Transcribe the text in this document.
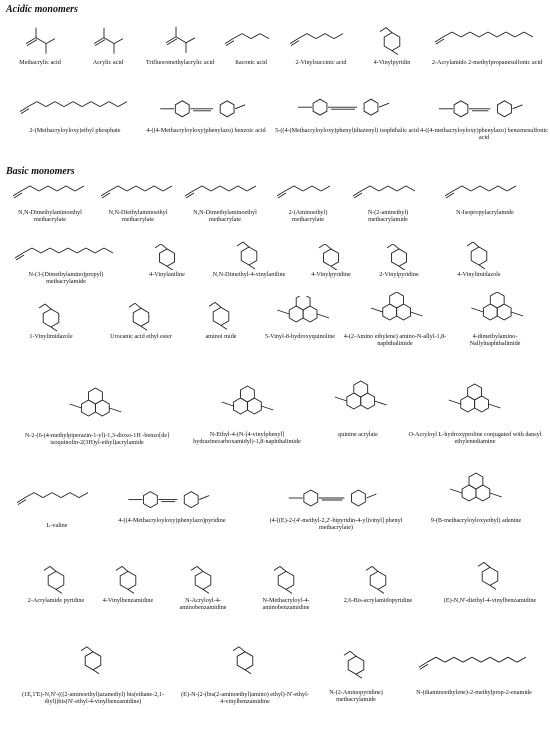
Acidic monomers
Basic monomers
Methacrylic acid	Acrylic acid	Trifluoromethylacrylic acid	Itaconic acid	2-Vinylsuccinic acid	4-Vinylpyridin	2-Acrylamido 2-methylpropanesulfonic acid
2-(Methacryloyloxy)ethyl phosphate	4-((4-Methacryloyloxy)phenylazo) benzoic acid	5-((4-(Methacryloyloxy)phenyl)diazenyl) isophthalic acid 4-((4-methacryloyloxy)phenylazo) benzenesulfonic acid
N,N-Dimethylaminoethyl methacrylate
N,N-Diethylaminoethyl methacrylate
N,N-Dimethylaminoethyl methacrylate
2-(Aminoethyl) methacrylate
N-(2-aminethyl) methacrylamide
N-Isopropylacrylamide
N-(3-(Dimethylamino)propyl) methacrylamide
4-Vinylaniline	N,N-Dimethyl-4-vinylaniline	4-Vinylpyridine	2-Vinylpyridine	4-Vinylimidazole
1-Vinylimidazole	Urocanic acid ethyl ester	aminoi mide	5-Vinyl-8-hydroxyquinoline	4-(2-Amino ethylene) amino-N-allyl-1,8-naphthalimide
4-dimethylamino-Nallylnaphthalimide
N-2-(6-(4-methylpiperazin-1-yl)-1,3-dioxo-1H -benzo[de] isoquinolin-2(3H)yl-ethyl)acrylamide
N-Ethyl-4-(N-[4-vinylphenyl] hydrazinecarboxamidyl)-1,8-naphthalimide
quinine acrylate	O-Acryloyl L-hydroxyproline conjugated with dansyl ethylenediamine
L-valine
4-((4-Methacryloyloxy)phenylazo)pyridine	(4-[(E)-2-(4'-methyl-2,2'-bipyridin-4-yl)vinyl] phenyl methacrylate)
9-(B-methacryloyloxyethyl) adenine
2-Acrylamide pyridine	4-Vinylbenzamidine	N-Acryloyl-4-aminobenzamidine
N-Methacryloyl-4-aminobenzamidine
2,6-Bis-acrylamidopyridine	(E)-N,N'-diethyl-4-vinylbenzamidine
(1E,1'E)-N,N'-(((2-aminoethyl)azanediyl) bis(ethane-2,1-diyl))bis(N'-ethyl-4-vinylbenzamidine)
(E)-N-(2-(bis(2-aminoethyl)amino) ethyl)-N'-ethyl-4-vinylbenzamidine
N-(2-Aminopyridine) methacrylamide
N-(diaminoethylene)-2-methylprop-2-enamide
